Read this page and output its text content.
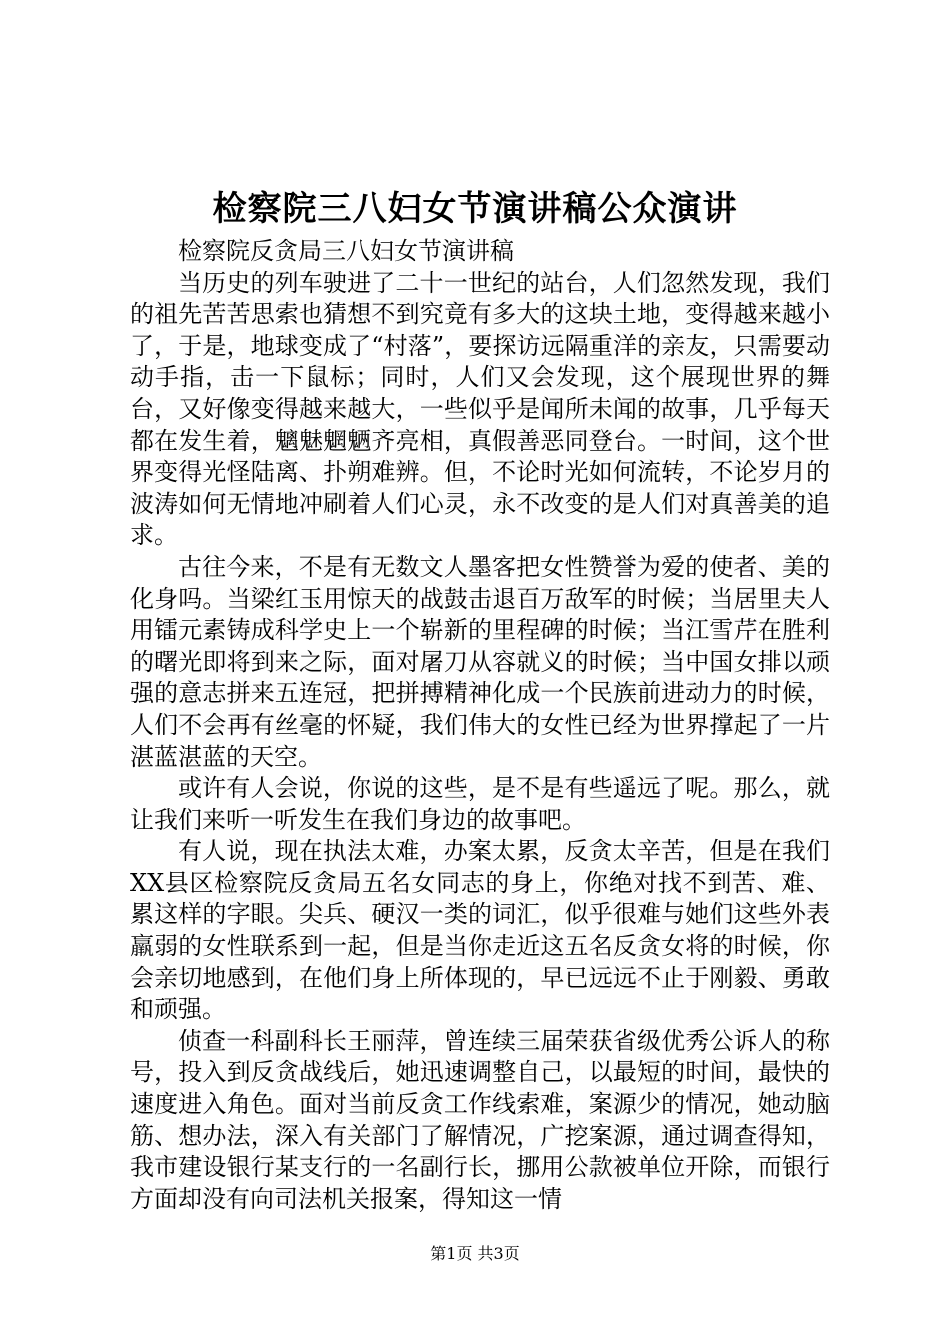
检察院三八妇女节演讲稿公众演讲

检察院反贪局三八妇女节演讲稿

当历史的列车驶进了二十一世纪的站台，人们忽然发现，我们的祖先苦苦思索也猜想不到究竟有多大的这块土地，变得越来越小了，于是，地球变成了“村落”，要探访远隔重洋的亲友，只需要动动手指，击一下鼠标；同时，人们又会发现，这个展现世界的舞台，又好像变得越来越大，一些似乎是闻所未闻的故事，几乎每天都在发生着，魑魅魍魉齐亮相，真假善恶同登台。一时间，这个世界变得光怪陆离、扑朔难辨。但，不论时光如何流转，不论岁月的波涛如何无情地冲刷着人们心灵，永不改变的是人们对真善美的追求。

古往今来，不是有无数文人墨客把女性赞誉为爱的使者、美的化身吗。当梁红玉用惊天的战鼓击退百万敌军的时候；当居里夫人用镭元素铸成科学史上一个崭新的里程碑的时候；当江雪芹在胜利的曙光即将到来之际，面对屠刀从容就义的时候；当中国女排以顽强的意志拼来五连冠，把拼搏精神化成一个民族前进动力的时候，人们不会再有丝毫的怀疑，我们伟大的女性已经为世界撑起了一片湛蓝湛蓝的天空。

或许有人会说，你说的这些，是不是有些遥远了呢。那么，就让我们来听一听发生在我们身边的故事吧。

有人说，现在执法太难，办案太累，反贪太辛苦，但是在我们XX县区检察院反贪局五名女同志的身上，你绝对找不到苦、难、累这样的字眼。尖兵、硬汉一类的词汇，似乎很难与她们这些外表羸弱的女性联系到一起，但是当你走近这五名反贪女将的时候，你会亲切地感到，在他们身上所体现的，早已远远不止于刚毅、勇敢和顽强。

侦查一科副科长王丽萍，曾连续三届荣获省级优秀公诉人的称号，投入到反贪战线后，她迅速调整自己，以最短的时间，最快的速度进入角色。面对当前反贪工作线索难，案源少的情况，她动脑筋、想办法，深入有关部门了解情况，广挖案源，通过调查得知，我市建设银行某支行的一名副行长，挪用公款被单位开除，而银行方面却没有向司法机关报案，得知这一情

第1页 共3页
